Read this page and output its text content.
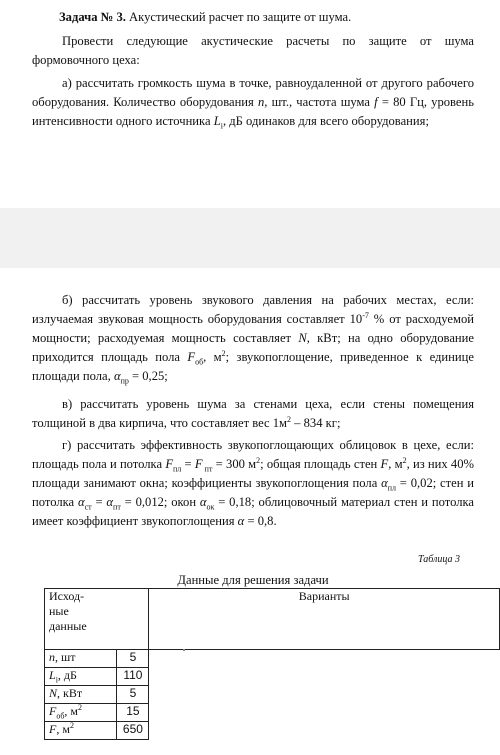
Задача № 3. Акустический расчет по защите от шума.
Провести следующие акустические расчеты по защите от шума формовочного цеха:
а) рассчитать громкость шума в точке, равноудаленной от другого рабочего оборудования. Количество оборудования n, шт., частота шума f = 80 Гц, уровень интенсивности одного источника $L_i$, дБ одинаков для всего оборудования;
б) рассчитать уровень звукового давления на рабочих местах, если: излучаемая звуковая мощность оборудования составляет $10^{-7}$ % от расходуемой мощности; расходуемая мощность составляет N, кВт; на одно оборудование приходится площадь пола $F_{об}$, $м^2$; звукопоглощение, приведенное к единице площади пола, $\alpha_{пр} = 0,25$;
в) рассчитать уровень шума за стенами цеха, если стены помещения толщиной в два кирпича, что составляет вес $1м^2 - 834$ кг;
г) рассчитать эффективность звукопоглощающих облицовок в цехе, если: площадь пола и потолка $F_{пл} = F$ $_{пт}$ = 300 $м^2$; общая площадь стен F, $м^2$, из них 40% площади занимают окна; коэффициенты звукопоглощения пола $\alpha_{пл} = 0,02$; стен и потолка $\alpha_{ст} = \alpha_{пт} = 0,012$; окон $\alpha_{ок} = 0,18$; облицовочный материал стен и потолка имеет коэффициент звукопоглощения α = 0,8.
Таблица 3
Данные для решения задачи
Исход-
ные
данные		Варианты
n, шт	5	
$L_i$, дБ	110	
N, кВт	5	
$F_{об}$, $м^2$	15	
F, $м^2$	650	
